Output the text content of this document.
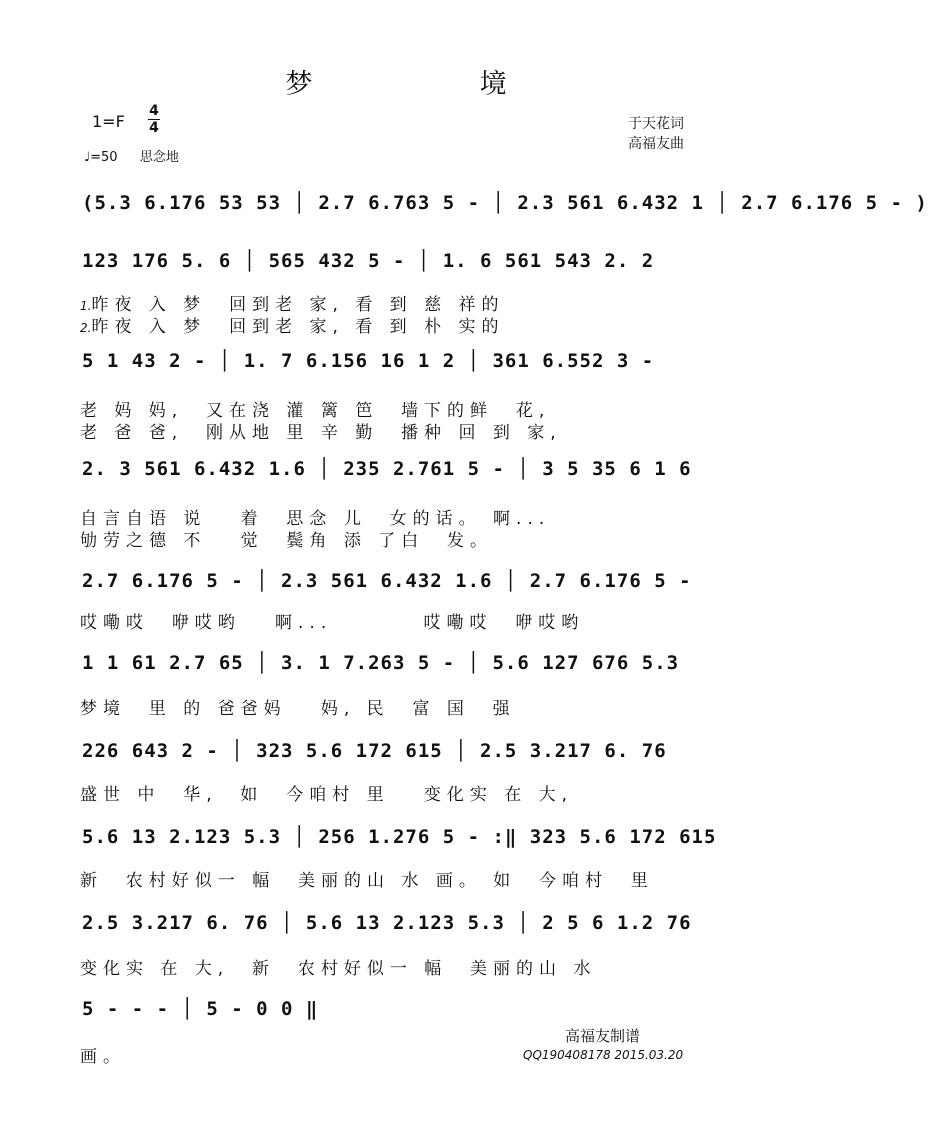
梦	境
1=F
4
4
♩=50 思念地
于天花词
高福友曲
(5.3 6.176 53 53 │ 2.7 6.763 5 - │ 2.3 561 6.432 1 │ 2.7 6.176 5 - )
123 176 5. 6 │ 565 432 5 - │ 1. 6 561 543 2. 2
5 1 43 2 - │ 1. 7 6.156 16 1 2 │ 361 6.552 3 -
2. 3 561 6.432 1.6 │ 235 2.761 5 - │ 3 5 35 6 1 6
2.7 6.176 5 - │ 2.3 561 6.432 1.6 │ 2.7 6.176 5 -
1 1 61 2.7 65 │ 3. 1 7.263 5 - │ 5.6 127 676 5.3
226 643 2 - │ 323 5.6 172 615 │ 2.5 3.217 6. 76
5.6 13 2.123 5.3 │ 256 1.276 5 - :‖ 323 5.6 172 615
2.5 3.217 6. 76 │ 5.6 13 2.123 5.3 │ 2 5 6 1.2 76
5 - - - │ 5 - 0 0 ‖
1.昨夜 入 梦  回到老 家, 看 到 慈 祥的
2.昨夜 入 梦  回到老 家, 看 到 朴 实的
老 妈 妈,  又在浇 灌 篱 笆  墙下的鲜  花,
老 爸 爸,  刚从地 里 辛 勤  播种 回 到 家,
自言自语 说   着  思念 儿  女的话。 啊...
劬劳之德 不   觉  鬓角 添 了白  发。
哎嘞哎  咿哎哟   啊...        哎嘞哎  咿哎哟
梦境  里 的 爸爸妈   妈, 民  富 国  强
盛世 中  华,  如  今咱村 里   变化实 在 大,
新  农村好似一 幅  美丽的山 水 画。 如  今咱村  里
变化实 在 大,  新  农村好似一 幅  美丽的山 水
画。
高福友制谱
QQ190408178 2015.03.20
